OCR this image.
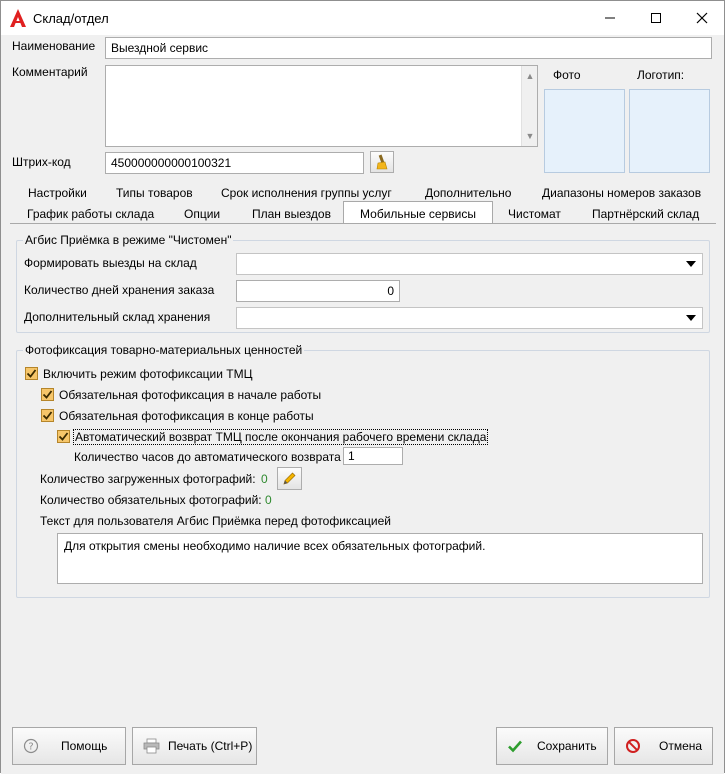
Склад/отдел
Наименование	Выездной сервис
Комментарий	▲
▼
Фото	Логотип:
Штрих-код	450000000000100321
Настройки Типы товаров Срок исполнения группы услуг	Дополнительно	Диапазоны номеров заказов
График работы склада Опции	План выездов	Мобильные сервисы	Чистомат	Партнёрский склад
Агбис Приёмка в режиме "Чистомен"
Формировать выезды на склад
Количество дней хранения заказа	0
Дополнительный склад хранения
Фотофиксация товарно-материальных ценностей
Включить режим фотофиксации ТМЦ
Обязательная фотофиксация в начале работы
Обязательная фотофиксация в конце работы
Автоматический возврат ТМЦ после окончания рабочего времени склада
Количество часов до автоматического возврата 1
Количество загруженных фотографий: 0
Количество обязательных фотографий: 0
Текст для пользователя Агбис Приёмка перед фотофиксацией
Для открытия смены необходимо наличие всех обязательных фотографий.
? Помощь	Печать (Ctrl+P)	Сохранить	Отмена
